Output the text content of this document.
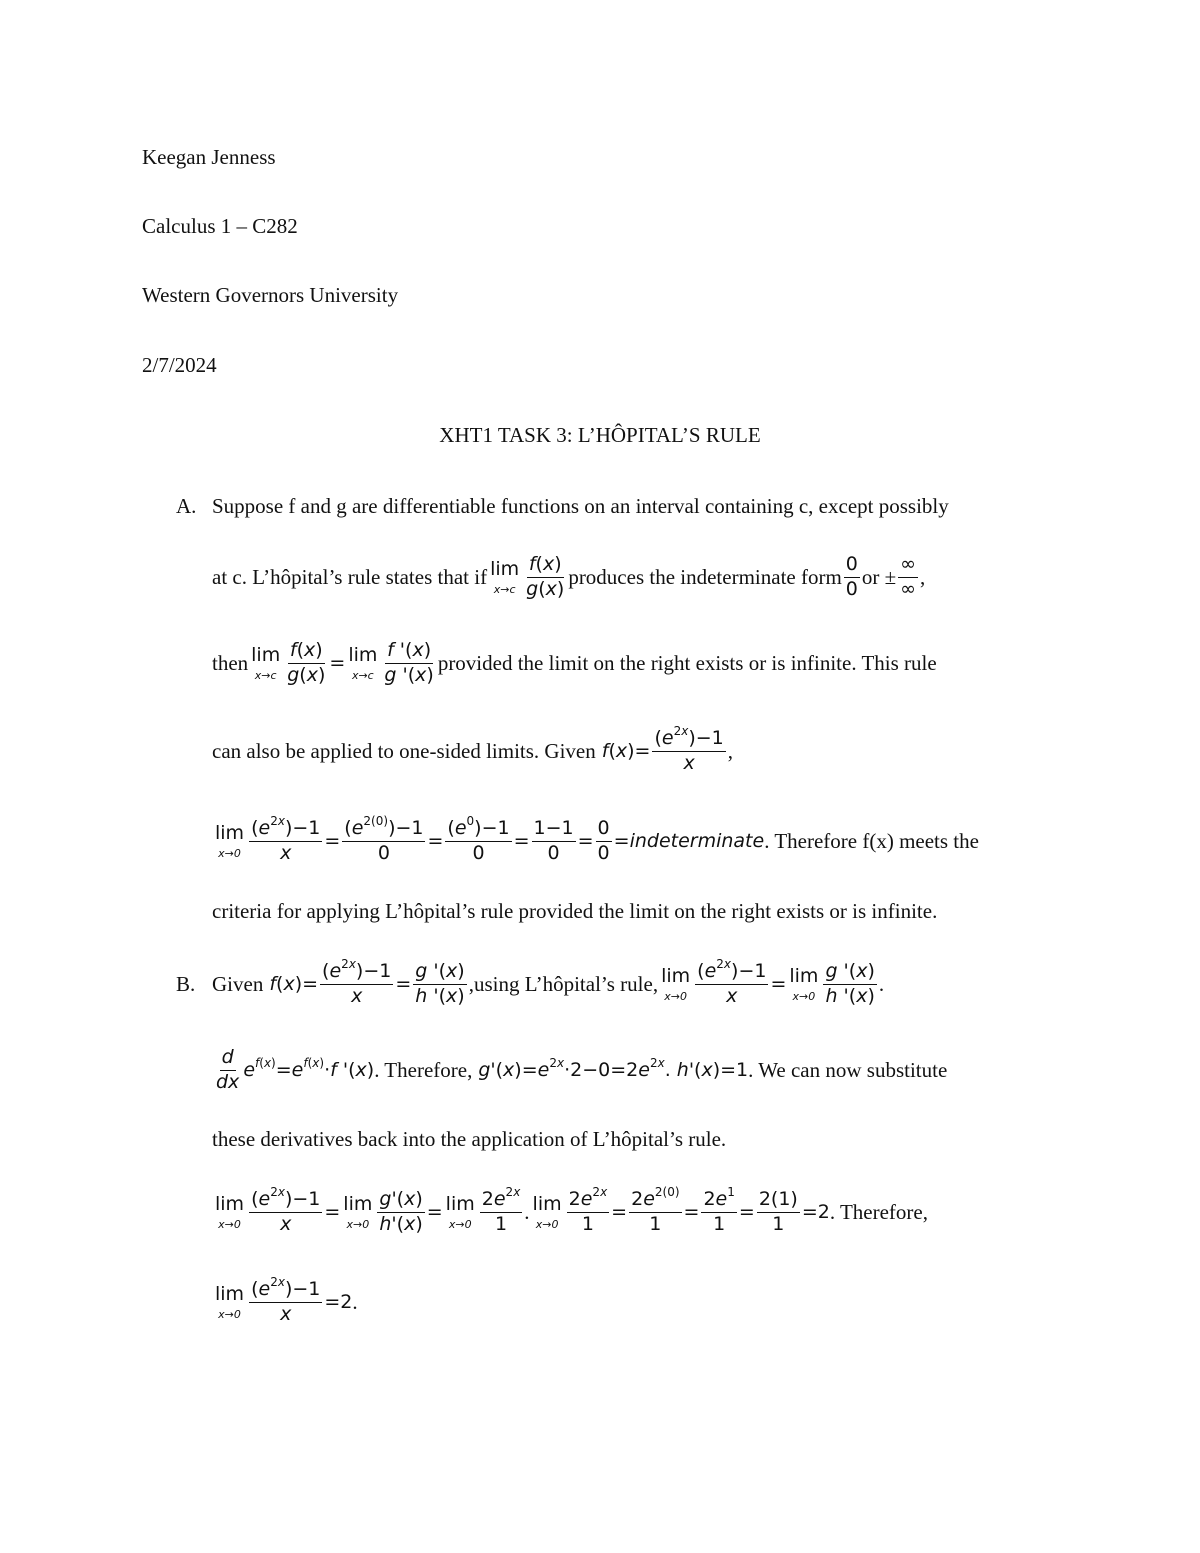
Keegan Jenness
Calculus 1 – C282
Western Governors University
2/7/2024
XHT1 TASK 3: L’HÔPITAL’S RULE
A. Suppose f and g are differentiable functions on an interval containing c, except possibly
at c. L’hôpital’s rule states that if lim
$x\to c \frac{f(x)}{g(x)}$ produces the indeterminate form $\frac{0}{0}$ or ± $\frac{\infty}{\infty}$ ,
then lim
$x\to c \frac{f(x)}{g(x)} = \lim$
$x\to c \frac{f '(x)}{g '(x)}$ provided the limit on the right exists or is infinite. This rule
can also be applied to one-sided limits. Given $f(x)= \frac{(e^{2x})-1}{x}$ ,
lim
$x\to 0 \frac{(e^{2x})-1}{x} = \frac{(e^{2(0)})-1}{0} = \frac{(e^0)-1}{0} = \frac{1-1}{0} = \frac{0}{0}$ = indeterminate . Therefore f(x) meets the
criteria for applying L’hôpital’s rule provided the limit on the right exists or is infinite.
B. Given $f(x)= \frac{(e^{2x})-1}{x} = \frac{g '(x)}{h '(x)} ,using$ L’hôpital’s rule, lim
$x\to 0 \frac{(e^{2x})-1}{x} = \lim$
$x\to 0 \frac{g '(x)}{h '(x)}$ .
$\frac{d}{dx} e^{f(x)}=e^{f(x)}\cdot f$ '(x) . Therefore, $g'(x)=e^{2x}\cdot 2-0=2e^{2x}$. h'(x)=1 . We can now substitute
these derivatives back into the application of L’hôpital’s rule.
lim
$x\to 0 \frac{(e^{2x})-1}{x} = \lim$
$x\to 0 \frac{g'(x)}{h'(x)} = \lim$
$x\to 0 \frac{2e^{2x}}{1}$ . lim
$x\to 0 \frac{2e^{2x}}{1} = \frac{2e^{2(0)}}{1} = \frac{2e^1}{1} = \frac{2(1)}{1} =2$ . Therefore,
lim
$x\to 0 \frac{(e^{2x})-1}{x} = 2$ .
